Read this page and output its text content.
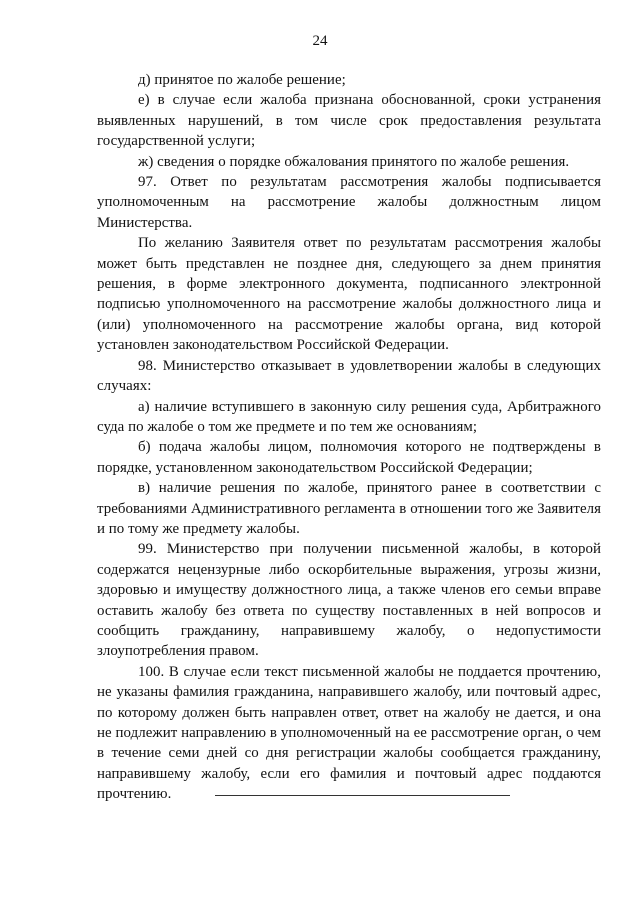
24

д) принятое по жалобе решение;

е) в случае если жалоба признана обоснованной, сроки устранения выявленных нарушений, в том числе срок предоставления результата государственной услуги;

ж) сведения о порядке обжалования принятого по жалобе решения.

97. Ответ по результатам рассмотрения жалобы подписывается уполномоченным на рассмотрение жалобы должностным лицом Министерства.

По желанию Заявителя ответ по результатам рассмотрения жалобы может быть представлен не позднее дня, следующего за днем принятия решения, в форме электронного документа, подписанного электронной подписью уполномоченного на рассмотрение жалобы должностного лица и (или) уполномоченного на рассмотрение жалобы органа, вид которой установлен законодательством Российской Федерации.

98. Министерство отказывает в удовлетворении жалобы в следующих случаях:

а) наличие вступившего в законную силу решения суда, Арбитражного суда по жалобе о том же предмете и по тем же основаниям;

б) подача жалобы лицом, полномочия которого не подтверждены в порядке, установленном законодательством Российской Федерации;

в) наличие решения по жалобе, принятого ранее в соответствии с требованиями Административного регламента в отношении того же Заявителя и по тому же предмету жалобы.

99. Министерство при получении письменной жалобы, в которой содержатся нецензурные либо оскорбительные выражения, угрозы жизни, здоровью и имуществу должностного лица, а также членов его семьи вправе оставить жалобу без ответа по существу поставленных в ней вопросов и сообщить гражданину, направившему жалобу, о недопустимости злоупотребления правом.

100. В случае если текст письменной жалобы не поддается прочтению, не указаны фамилия гражданина, направившего жалобу, или почтовый адрес, по которому должен быть направлен ответ, ответ на жалобу не дается, и она не подлежит направлению в уполномоченный на ее рассмотрение орган, о чем в течение семи дней со дня регистрации жалобы сообщается гражданину, направившему жалобу, если его фамилия и почтовый адрес поддаются прочтению.
